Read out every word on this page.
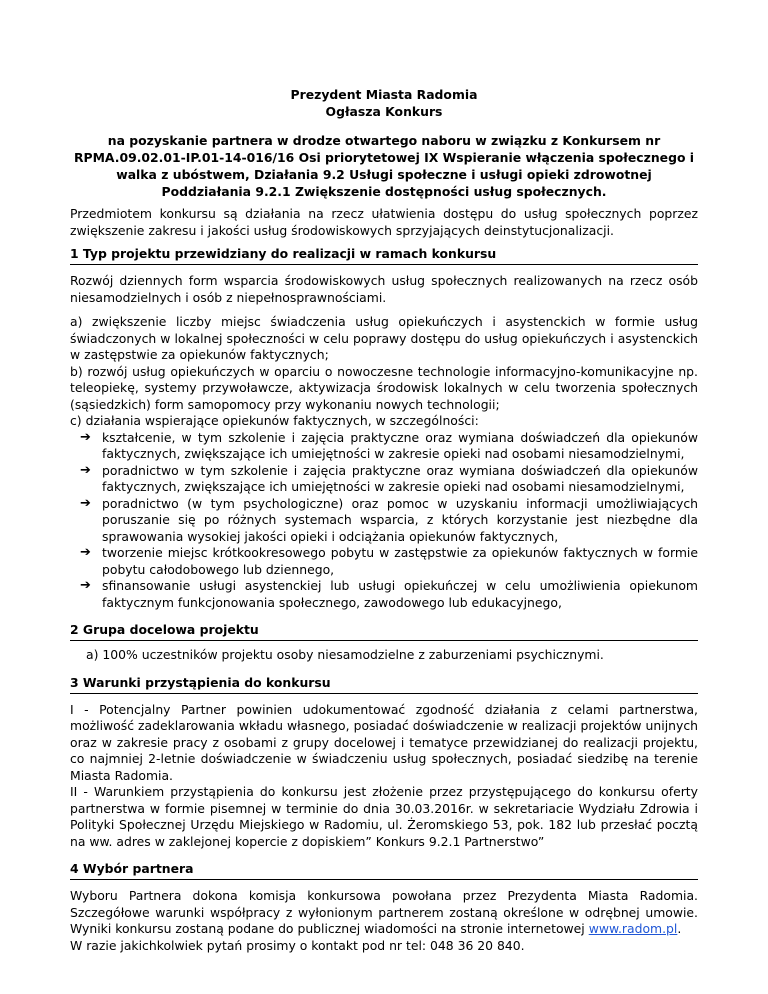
Prezydent Miasta Radomia
Ogłasza Konkurs
na pozyskanie partnera w drodze otwartego naboru w związku z Konkursem nr RPMA.09.02.01-IP.01-14-016/16 Osi priorytetowej IX Wspieranie włączenia społecznego i walka z ubóstwem, Działania 9.2 Usługi społeczne i usługi opieki zdrowotnej Poddziałania 9.2.1 Zwiększenie dostępności usług społecznych.

Przedmiotem konkursu są działania na rzecz ułatwienia dostępu do usług społecznych poprzez zwiększenie zakresu i jakości usług środowiskowych sprzyjających deinstytucjonalizacji.

1 Typ projektu przewidziany do realizacji w ramach konkursu

Rozwój dziennych form wsparcia środowiskowych usług społecznych realizowanych na rzecz osób niesamodzielnych i osób z niepełnosprawnościami.

a) zwiększenie liczby miejsc świadczenia usług opiekuńczych i asystenckich w formie usług świadczonych w lokalnej społeczności w celu poprawy dostępu do usług opiekuńczych i asystenckich w zastępstwie za opiekunów faktycznych;

b) rozwój usług opiekuńczych w oparciu o nowoczesne technologie informacyjno-komunikacyjne np. teleopiekę, systemy przywoławcze, aktywizacja środowisk lokalnych w celu tworzenia społecznych (sąsiedzkich) form samopomocy przy wykonaniu nowych technologii;

c) działania wspierające opiekunów faktycznych, w szczególności:

➔ kształcenie, w tym szkolenie i zajęcia praktyczne oraz wymiana doświadczeń dla opiekunów faktycznych, zwiększające ich umiejętności w zakresie opieki nad osobami niesamodzielnymi,
➔ poradnictwo w tym szkolenie i zajęcia praktyczne oraz wymiana doświadczeń dla opiekunów faktycznych, zwiększające ich umiejętności w zakresie opieki nad osobami niesamodzielnymi,
➔ poradnictwo (w tym psychologiczne) oraz pomoc w uzyskaniu informacji umożliwiających poruszanie się po różnych systemach wsparcia, z których korzystanie jest niezbędne dla sprawowania wysokiej jakości opieki i odciążania opiekunów faktycznych,
➔ tworzenie miejsc krótkookresowego pobytu w zastępstwie za opiekunów faktycznych w formie pobytu całodobowego lub dziennego,
➔ sfinansowanie usługi asystenckiej lub usługi opiekuńczej w celu umożliwienia opiekunom faktycznym funkcjonowania społecznego, zawodowego lub edukacyjnego,
2 Grupa docelowa projektu

a) 100% uczestników projektu osoby niesamodzielne z zaburzeniami psychicznymi.

3 Warunki przystąpienia do konkursu

I - Potencjalny Partner powinien udokumentować zgodność działania z celami partnerstwa, możliwość zadeklarowania wkładu własnego, posiadać doświadczenie w realizacji projektów unijnych oraz w zakresie pracy z osobami z grupy docelowej i tematyce przewidzianej do realizacji projektu, co najmniej 2-letnie doświadczenie w świadczeniu usług społecznych, posiadać siedzibę na terenie Miasta Radomia.

II - Warunkiem przystąpienia do konkursu jest złożenie przez przystępującego do konkursu oferty partnerstwa w formie pisemnej w terminie do dnia 30.03.2016r. w sekretariacie Wydziału Zdrowia i Polityki Społecznej Urzędu Miejskiego w Radomiu, ul. Żeromskiego 53, pok. 182 lub przesłać pocztą na ww. adres w zaklejonej kopercie z dopiskiem” Konkurs 9.2.1 Partnerstwo”

4 Wybór partnera

Wyboru Partnera dokona komisja konkursowa powołana przez Prezydenta Miasta Radomia. Szczegółowe warunki współpracy z wyłonionym partnerem zostaną określone w odrębnej umowie. Wyniki konkursu zostaną podane do publicznej wiadomości na stronie internetowej www.radom.pl.

W razie jakichkolwiek pytań prosimy o kontakt pod nr tel: 048 36 20 840.
